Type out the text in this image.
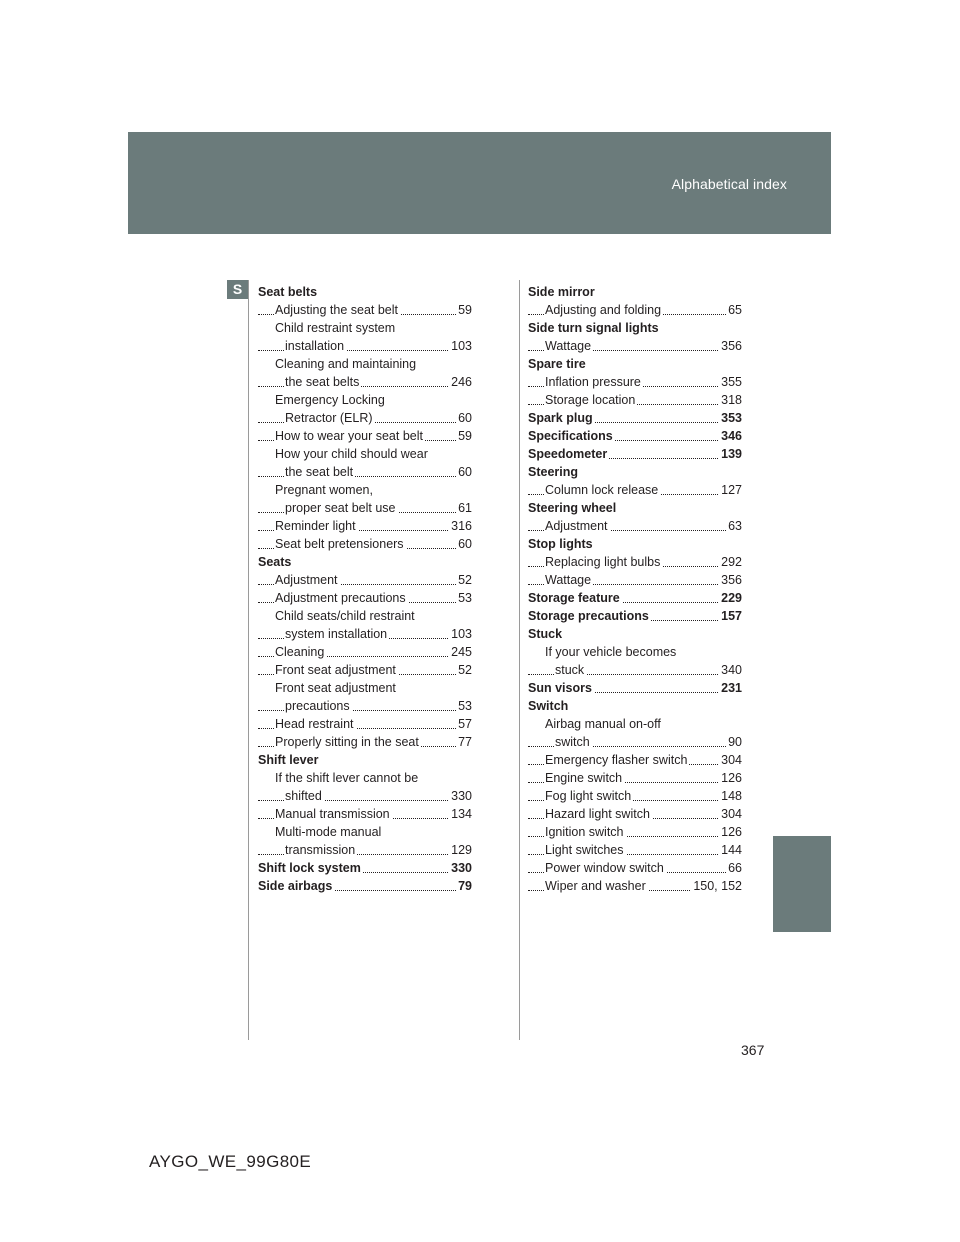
Alphabetical index
S	Seat belts
Adjusting the seat belt	59
Child restraint system
installation	103
Cleaning and maintaining
the seat belts	246
Emergency Locking
Retractor (ELR)	60
How to wear your seat belt	59
How your child should wear
the seat belt	60
Pregnant women,
proper seat belt use	61
Reminder light	316
Seat belt pretensioners	60
Seats
Adjustment	52
Adjustment precautions	53
Child seats/child restraint
system installation	103
Cleaning	245
Front seat adjustment	52
Front seat adjustment
precautions	53
Head restraint	57
Properly sitting in the seat	77
Shift lever
If the shift lever cannot be
shifted	330
Manual transmission	134
Multi-mode manual
transmission	129
Shift lock system	330
Side airbags	79
Side mirror
Adjusting and folding	65
Side turn signal lights
Wattage	356
Spare tire
Inflation pressure	355
Storage location	318
Spark plug	353
Specifications	346
Speedometer	139
Steering
Column lock release	127
Steering wheel
Adjustment	63
Stop lights
Replacing light bulbs	292
Wattage	356
Storage feature	229
Storage precautions	157
Stuck
If your vehicle becomes
stuck	340
Sun visors	231
Switch
Airbag manual on-off
switch	90
Emergency flasher switch	304
Engine switch	126
Fog light switch	148
Hazard light switch	304
Ignition switch	126
Light switches	144
Power window switch	66
Wiper and washer	150, 152
367
AYGO_WE_99G80E
